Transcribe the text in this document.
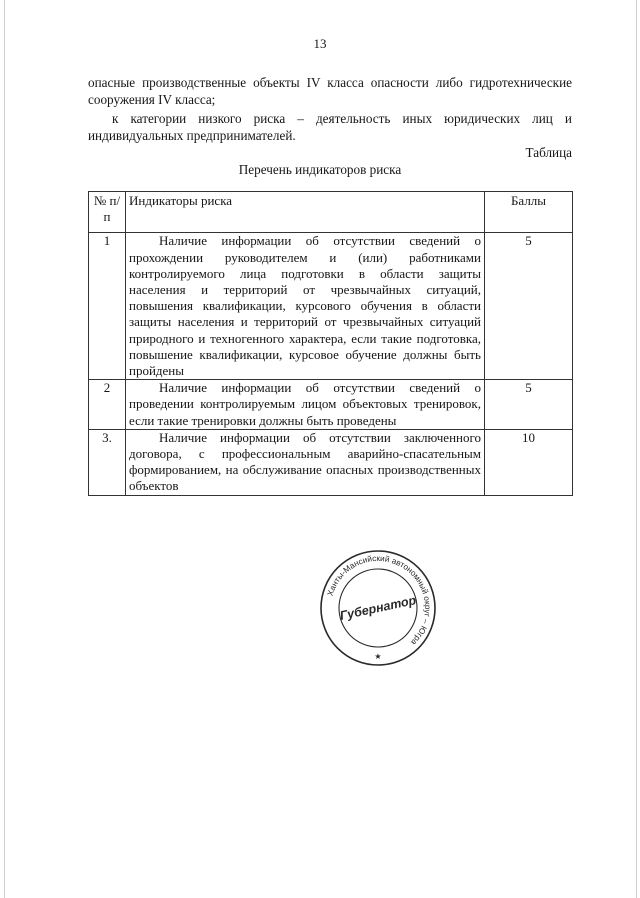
13

опасные производственные объекты IV класса опасности либо гидротехнические сооружения IV класса;

к категории низкого риска – деятельность иных юридических лиц и индивидуальных предпринимателей.

Таблица
Перечень индикаторов риска
№ п/п	Индикаторы риска	Баллы
1	Наличие информации об отсутствии сведений о прохождении руководителем и (или) работниками контролируемого лица подготовки в области защиты населения и территорий от чрезвычайных ситуаций, повышения квалификации, курсового обучения в области защиты населения и территорий от чрезвычайных ситуаций природного и техногенного характера, если такие подготовка, повышение квалификации, курсовое обучение должны быть пройдены	5
2	Наличие информации об отсутствии сведений о проведении контролируемым лицом объектовых тренировок, если такие тренировки должны быть проведены	5
3.	Наличие информации об отсутствии заключенного договора, с профессиональным аварийно-спасательным формированием, на обслуживание опасных производственных объектов	10
Ханты-Мансийский автономный округ – Югра
Губернатор
★
